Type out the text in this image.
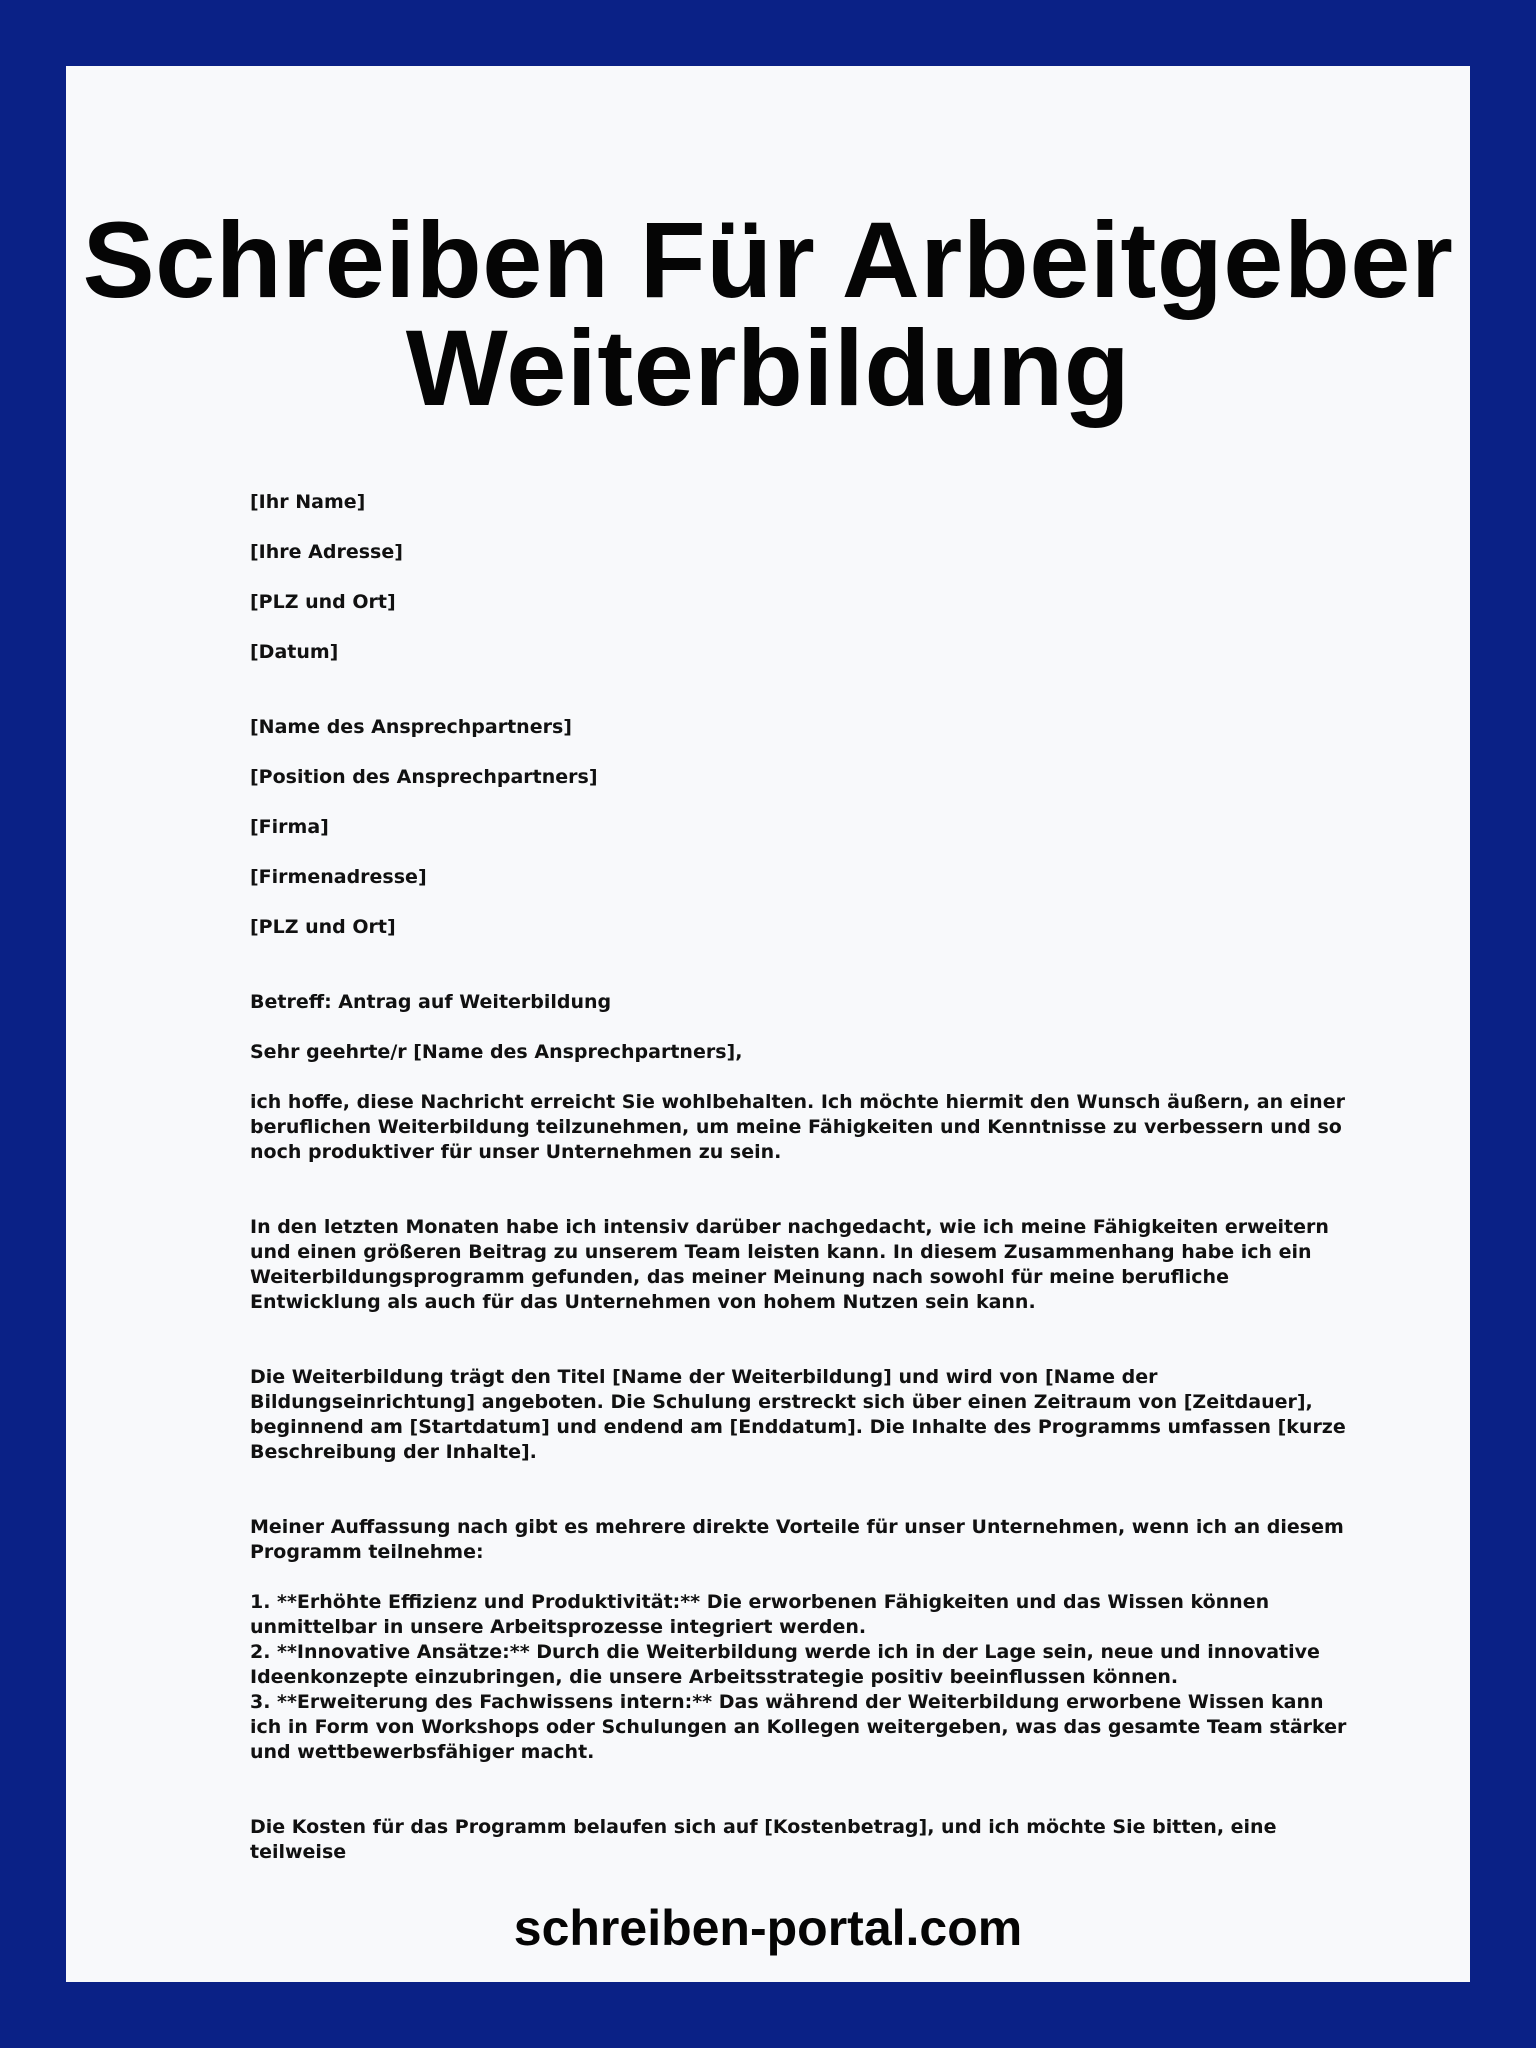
Schreiben Für Arbeitgeber
Weiterbildung

[Ihr Name]

[Ihre Adresse]

[PLZ und Ort]

[Datum]

[Name des Ansprechpartners]

[Position des Ansprechpartners]

[Firma]

[Firmenadresse]

[PLZ und Ort]

Betreff: Antrag auf Weiterbildung

Sehr geehrte/r [Name des Ansprechpartners],

ich hoffe, diese Nachricht erreicht Sie wohlbehalten. Ich möchte hiermit den Wunsch äußern, an einer beruflichen Weiterbildung teilzunehmen, um meine Fähigkeiten und Kenntnisse zu verbessern und so noch produktiver für unser Unternehmen zu sein.

In den letzten Monaten habe ich intensiv darüber nachgedacht, wie ich meine Fähigkeiten erweitern und einen größeren Beitrag zu unserem Team leisten kann. In diesem Zusammenhang habe ich ein Weiterbildungsprogramm gefunden, das meiner Meinung nach sowohl für meine berufliche Entwicklung als auch für das Unternehmen von hohem Nutzen sein kann.

Die Weiterbildung trägt den Titel [Name der Weiterbildung] und wird von [Name der Bildungseinrichtung] angeboten. Die Schulung erstreckt sich über einen Zeitraum von [Zeitdauer], beginnend am [Startdatum] und endend am [Enddatum]. Die Inhalte des Programms umfassen [kurze Beschreibung der Inhalte].

Meiner Auffassung nach gibt es mehrere direkte Vorteile für unser Unternehmen, wenn ich an diesem Programm teilnehme:

1. **Erhöhte Effizienz und Produktivität:** Die erworbenen Fähigkeiten und das Wissen können unmittelbar in unsere Arbeitsprozesse integriert werden.

2. **Innovative Ansätze:** Durch die Weiterbildung werde ich in der Lage sein, neue und innovative Ideenkonzepte einzubringen, die unsere Arbeitsstrategie positiv beeinflussen können.

3. **Erweiterung des Fachwissens intern:** Das während der Weiterbildung erworbene Wissen kann ich in Form von Workshops oder Schulungen an Kollegen weitergeben, was das gesamte Team stärker und wettbewerbsfähiger macht.

Die Kosten für das Programm belaufen sich auf [Kostenbetrag], und ich möchte Sie bitten, eine teilweise

schreiben-portal.com
